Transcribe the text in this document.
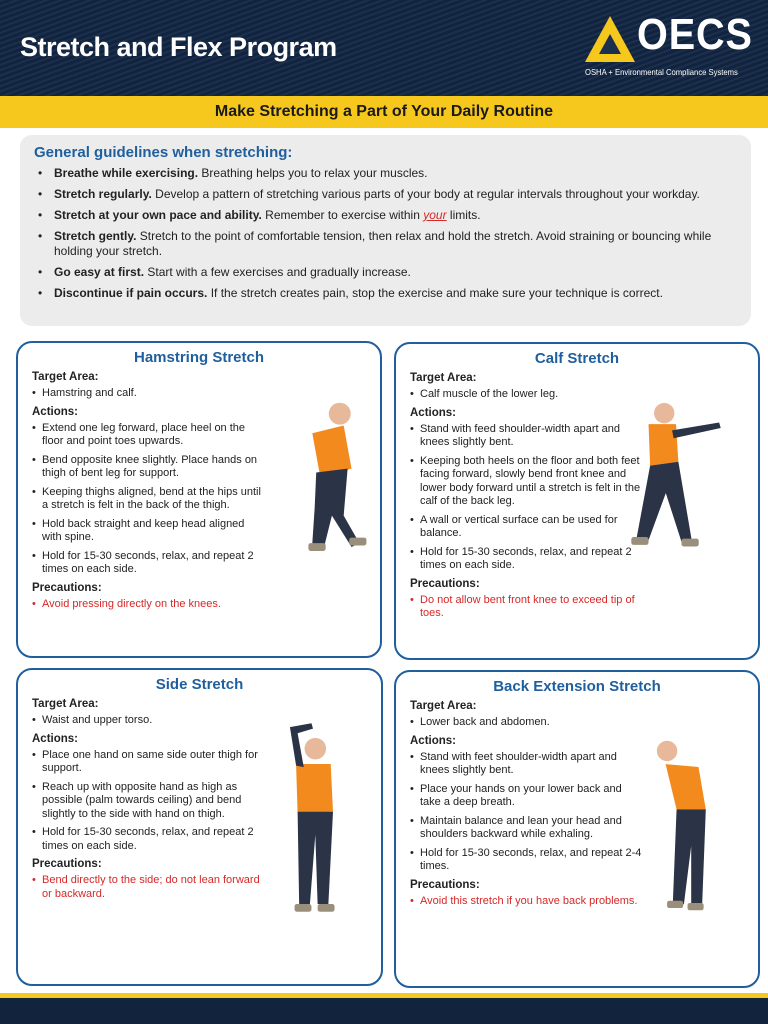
Stretch and Flex Program	OECS
OSHA + Environmental Compliance Systems
Make Stretching a Part of Your Daily Routine
General guidelines when stretching:
• Breathe while exercising. Breathing helps you to relax your muscles.
• Stretch regularly. Develop a pattern of stretching various parts of your body at regular intervals throughout your workday.
• Stretch at your own pace and ability. Remember to exercise within your limits.
• Stretch gently. Stretch to the point of comfortable tension, then relax and hold the stretch. Avoid straining or bouncing while holding your stretch.
• Go easy at first. Start with a few exercises and gradually increase.
• Discontinue if pain occurs. If the stretch creates pain, stop the exercise and make sure your technique is correct.
Hamstring Stretch
Target Area:
• Hamstring and calf.
Actions:
• Extend one leg forward, place heel on the floor and point toes upwards.
• Bend opposite knee slightly. Place hands on thigh of bent leg for support.
• Keeping thighs aligned, bend at the hips until a stretch is felt in the back of the thigh.
• Hold back straight and keep head aligned with spine.
• Hold for 15-30 seconds, relax, and repeat 2 times on each side.
Precautions:
• Avoid pressing directly on the knees.
Calf Stretch
Target Area:
• Calf muscle of the lower leg.
Actions:
• Stand with feed shoulder-width apart and knees slightly bent.
• Keeping both heels on the floor and both feet facing forward, slowly bend front knee and lower body forward until a stretch is felt in the calf of the back leg.
• A wall or vertical surface can be used for balance.
• Hold for 15-30 seconds, relax, and repeat 2 times on each side.
Precautions:
• Do not allow bent front knee to exceed tip of toes.
Side Stretch
Target Area:
• Waist and upper torso.
Actions:
• Place one hand on same side outer thigh for support.
• Reach up with opposite hand as high as possible (palm towards ceiling) and bend slightly to the side with hand on thigh.
• Hold for 15-30 seconds, relax, and repeat 2 times on each side.
Precautions:
• Bend directly to the side; do not lean forward or backward.
Back Extension Stretch
Target Area:
• Lower back and abdomen.
Actions:
• Stand with feet shoulder-width apart and knees slightly bent.
• Place your hands on your lower back and take a deep breath.
• Maintain balance and lean your head and shoulders backward while exhaling.
• Hold for 15-30 seconds, relax, and repeat 2-4 times.
Precautions:
• Avoid this stretch if you have back problems.
